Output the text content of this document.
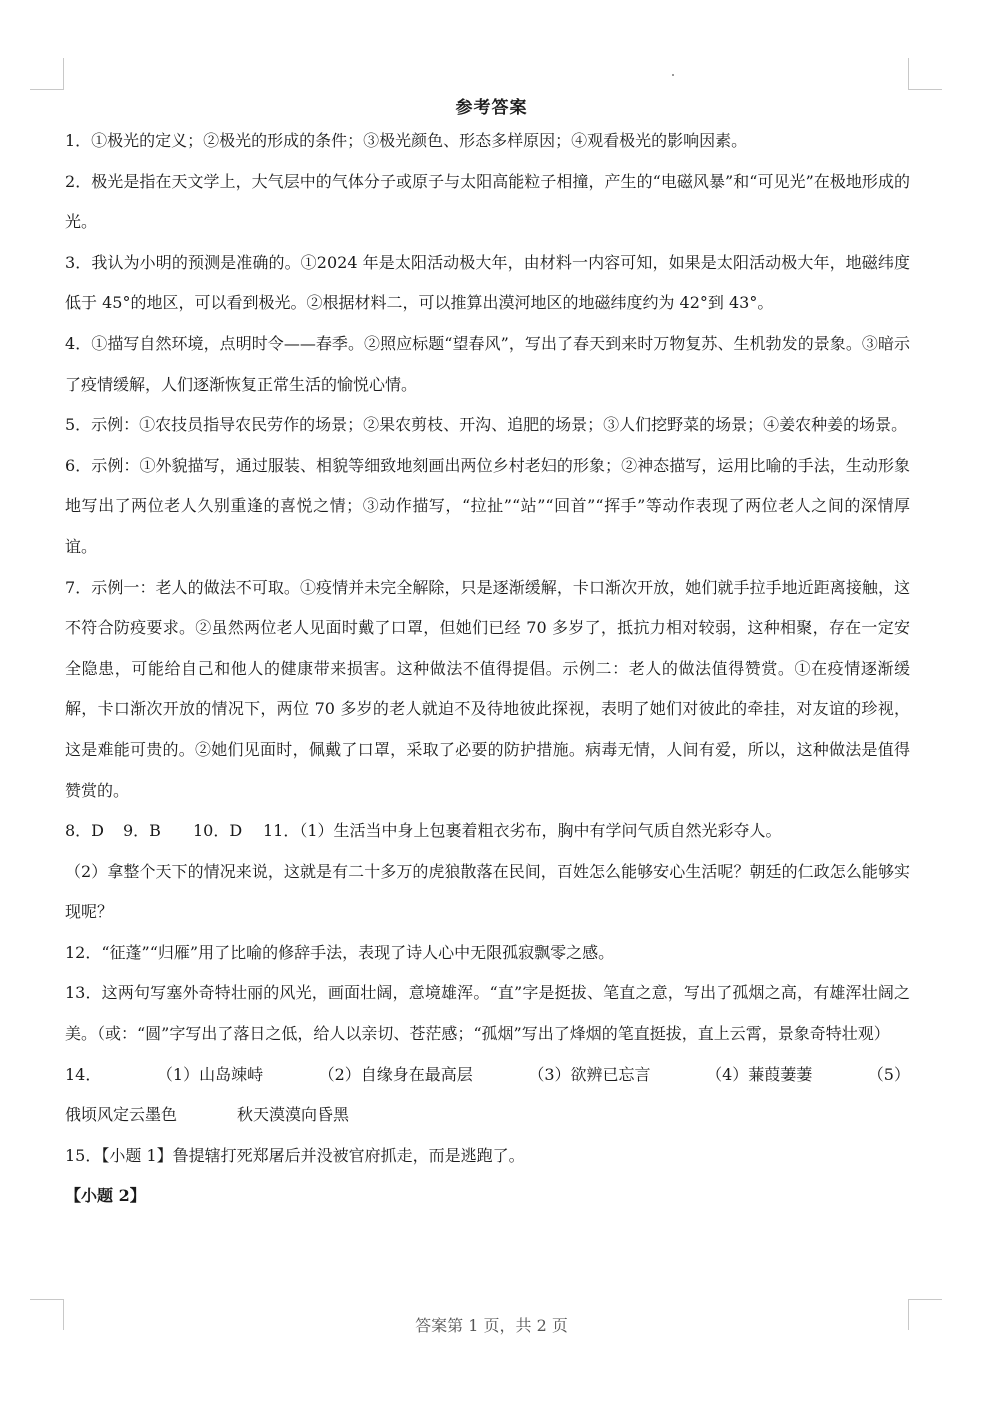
参考答案

1．①极光的定义；②极光的形成的条件；③极光颜色、形态多样原因；④观看极光的影响因素。

2．极光是指在天文学上，大气层中的气体分子或原子与太阳高能粒子相撞，产生的“电磁风暴”和“可见光”在极地形成的光。

3．我认为小明的预测是准确的。①2024 年是太阳活动极大年，由材料一内容可知，如果是太阳活动极大年，地磁纬度低于 45°的地区，可以看到极光。②根据材料二，可以推算出漠河地区的地磁纬度约为 42°到 43°。

4．①描写自然环境，点明时令——春季。②照应标题“望春风”，写出了春天到来时万物复苏、生机勃发的景象。③暗示了疫情缓解，人们逐渐恢复正常生活的愉悦心情。

5．示例：①农技员指导农民劳作的场景；②果农剪枝、开沟、追肥的场景；③人们挖野菜的场景；④姜农种姜的场景。

6．示例：①外貌描写，通过服装、相貌等细致地刻画出两位乡村老妇的形象；②神态描写，运用比喻的手法，生动形象地写出了两位老人久别重逢的喜悦之情；③动作描写，“拉扯”“站”“回首”“挥手”等动作表现了两位老人之间的深情厚谊。

7．示例一：老人的做法不可取。①疫情并未完全解除，只是逐渐缓解，卡口渐次开放，她们就手拉手地近距离接触，这不符合防疫要求。②虽然两位老人见面时戴了口罩，但她们已经 70 多岁了，抵抗力相对较弱，这种相聚，存在一定安全隐患，可能给自己和他人的健康带来损害。这种做法不值得提倡。示例二：老人的做法值得赞赏。①在疫情逐渐缓解，卡口渐次开放的情况下，两位 70 多岁的老人就迫不及待地彼此探视，表明了她们对彼此的牵挂，对友谊的珍视，这是难能可贵的。②她们见面时，佩戴了口罩，采取了必要的防护措施。病毒无情，人间有爱，所以，这种做法是值得赞赏的。

8．D 9．B 10．D 11．（1）生活当中身上包裹着粗衣劣布，胸中有学问气质自然光彩夺人。

（2）拿整个天下的情况来说，这就是有二十多万的虎狼散落在民间，百姓怎么能够安心生活呢？朝廷的仁政怎么能够实现呢？

12．“征蓬”“归雁”用了比喻的修辞手法，表现了诗人心中无限孤寂飘零之感。

13．这两句写塞外奇特壮丽的风光，画面壮阔，意境雄浑。“直”字是挺拔、笔直之意，写出了孤烟之高，有雄浑壮阔之美。（或：“圆”字写出了落日之低，给人以亲切、苍茫感；“孤烟”写出了烽烟的笔直挺拔，直上云霄，景象奇特壮观）

14．	（1）山岛竦峙	（2）自缘身在最高层	（3）欲辨已忘言	（4）蒹葭萋萋	（5）

俄顷风定云墨色	秋天漠漠向昏黑

15．【小题 1】鲁提辖打死郑屠后并没被官府抓走，而是逃跑了。

【小题 2】

答案第 1 页，共 2 页
